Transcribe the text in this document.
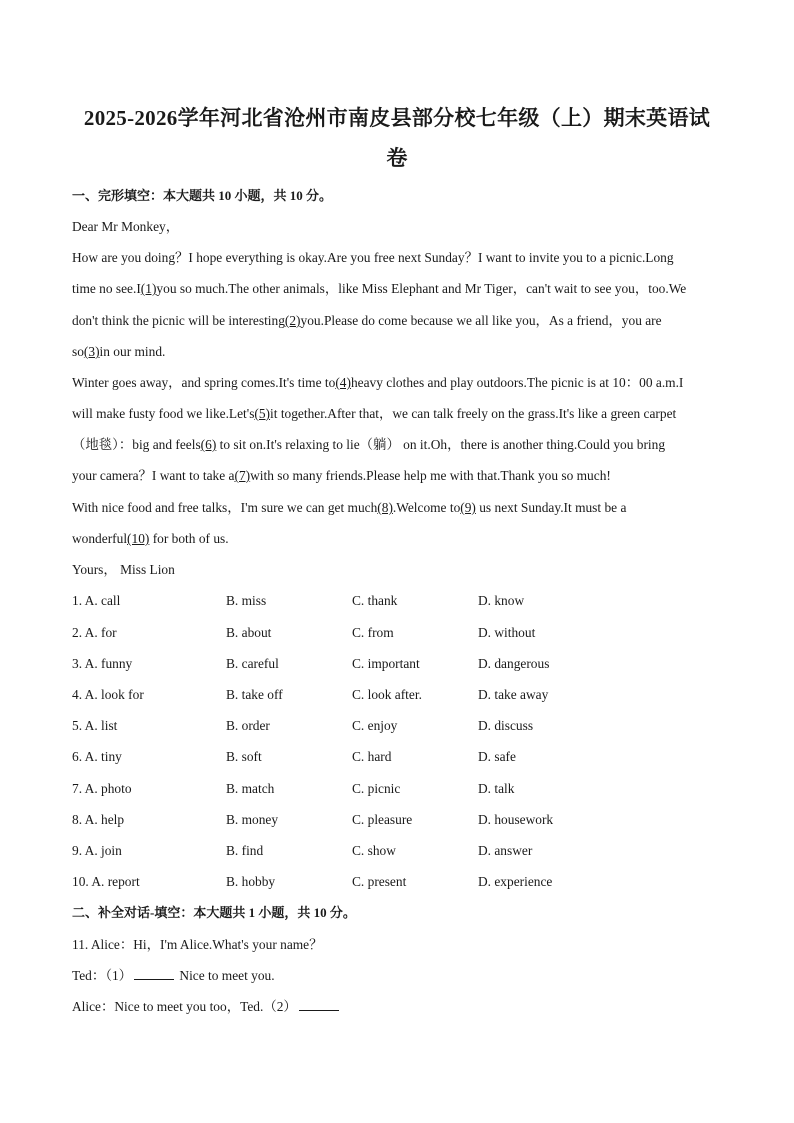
2025-2026学年河北省沧州市南皮县部分校七年级（上）期末英语试
卷
一、完形填空：本大题共 10 小题，共 10 分。
Dear Mr Monkey，
How are you doing？I hope everything is okay.Are you free next Sunday？I want to invite you to a picnic.Long
time no see.I(1)you so much.The other animals，like Miss Elephant and Mr Tiger，can't wait to see you，too.We
don't think the picnic will be interesting(2)you.Please do come because we all like you，As a friend，you are
so(3)in our mind.
Winter goes away，and spring comes.It's time to(4)heavy clothes and play outdoors.The picnic is at 10：00 a.m.I
will make fusty food we like.Let's(5)it together.After that，we can talk freely on the grass.It's like a green carpet
（地毯）：big and feels(6) to sit on.It's relaxing to lie（躺） on it.Oh，there is another thing.Could you bring
your camera？I want to take a(7)with so many friends.Please help me with that.Thank you so much!
With nice food and free talks，I'm sure we can get much(8).Welcome to(9) us next Sunday.It must be a
wonderful(10) for both of us.
Yours， Miss Lion
1. A. call	B. miss	C. thank	D. know
2. A. for	B. about	C. from	D. without
3. A. funny	B. careful	C. important	D. dangerous
4. A. look for	B. take off	C. look after.	D. take away
5. A. list	B. order	C. enjoy	D. discuss
6. A. tiny	B. soft	C. hard	D. safe
7. A. photo	B. match	C. picnic	D. talk
8. A. help	B. money	C. pleasure	D. housework
9. A. join	B. find	C. show	D. answer
10. A. report	B. hobby	C. present	D. experience
二、补全对话-填空：本大题共 1 小题，共 10 分。
11. Alice：Hi，I'm Alice.What's your name？
Ted：（1）	Nice to meet you.
Alice：Nice to meet you too，Ted.（2）
